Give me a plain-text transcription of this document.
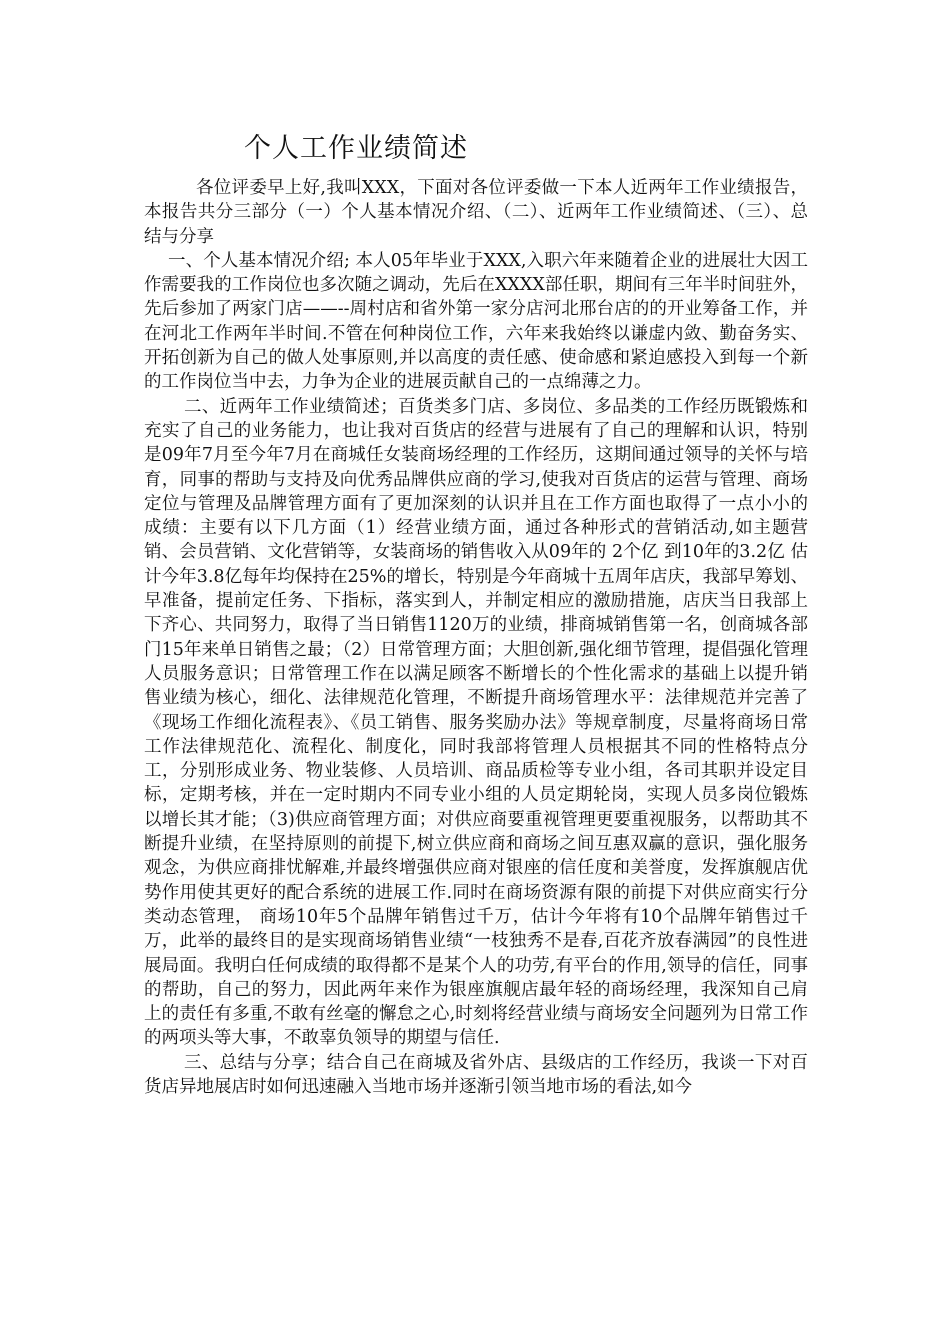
个人工作业绩简述

各位评委早上好,我叫XXX，下面对各位评委做一下本人近两年工作业绩报告，本报告共分三部分（一）个人基本情况介绍、（二）、近两年工作业绩简述、（三）、总结与分享

一、个人基本情况介绍; 本人05年毕业于XXX,入职六年来随着企业的进展壮大因工作需要我的工作岗位也多次随之调动，先后在XXXX部任职，期间有三年半时间驻外，先后参加了两家门店——--周村店和省外第一家分店河北邢台店的的开业筹备工作，并在河北工作两年半时间.不管在何种岗位工作，六年来我始终以谦虚内敛、勤奋务实、开拓创新为自己的做人处事原则,并以高度的责任感、使命感和紧迫感投入到每一个新的工作岗位当中去，力争为企业的进展贡献自己的一点绵薄之力。

二、近两年工作业绩简述；百货类多门店、多岗位、多品类的工作经历既锻炼和充实了自己的业务能力，也让我对百货店的经营与进展有了自己的理解和认识，特别是09年7月至今年7月在商城任女装商场经理的工作经历，这期间通过领导的关怀与培育，同事的帮助与支持及向优秀品牌供应商的学习,使我对百货店的运营与管理、商场定位与管理及品牌管理方面有了更加深刻的认识并且在工作方面也取得了一点小小的成绩：主要有以下几方面（1）经营业绩方面，通过各种形式的营销活动,如主题营销、会员营销、文化营销等，女装商场的销售收入从09年的 2个亿 到10年的3.2亿 估计今年3.8亿每年均保持在25%的增长，特别是今年商城十五周年店庆，我部早筹划、早准备，提前定任务、下指标，落实到人，并制定相应的激励措施，店庆当日我部上下齐心、共同努力，取得了当日销售1120万的业绩，排商城销售第一名，创商城各部门15年来单日销售之最；（2）日常管理方面；大胆创新,强化细节管理，提倡强化管理人员服务意识；日常管理工作在以满足顾客不断增长的个性化需求的基础上以提升销售业绩为核心，细化、法律规范化管理，不断提升商场管理水平：法律规范并完善了《现场工作细化流程表》、《员工销售、服务奖励办法》等规章制度，尽量将商场日常工作法律规范化、流程化、制度化，同时我部将管理人员根据其不同的性格特点分工，分别形成业务、物业装修、人员培训、商品质检等专业小组，各司其职并设定目标，定期考核，并在一定时期内不同专业小组的人员定期轮岗，实现人员多岗位锻炼以增长其才能；（3)供应商管理方面；对供应商要重视管理更要重视服务，以帮助其不断提升业绩，在坚持原则的前提下,树立供应商和商场之间互惠双赢的意识，强化服务观念，为供应商排忧解难,并最终增强供应商对银座的信任度和美誉度，发挥旗舰店优势作用使其更好的配合系统的进展工作.同时在商场资源有限的前提下对供应商实行分类动态管理， 商场10年5个品牌年销售过千万，估计今年将有10个品牌年销售过千万，此举的最终目的是实现商场销售业绩“一枝独秀不是春,百花齐放春满园”的良性进展局面。我明白任何成绩的取得都不是某个人的功劳,有平台的作用,领导的信任，同事的帮助，自己的努力，因此两年来作为银座旗舰店最年轻的商场经理，我深知自己肩上的责任有多重,不敢有丝毫的懈怠之心,时刻将经营业绩与商场安全问题列为日常工作的两项头等大事，不敢辜负领导的期望与信任.

三、总结与分享；结合自己在商城及省外店、县级店的工作经历，我谈一下对百货店异地展店时如何迅速融入当地市场并逐渐引领当地市场的看法,如今
